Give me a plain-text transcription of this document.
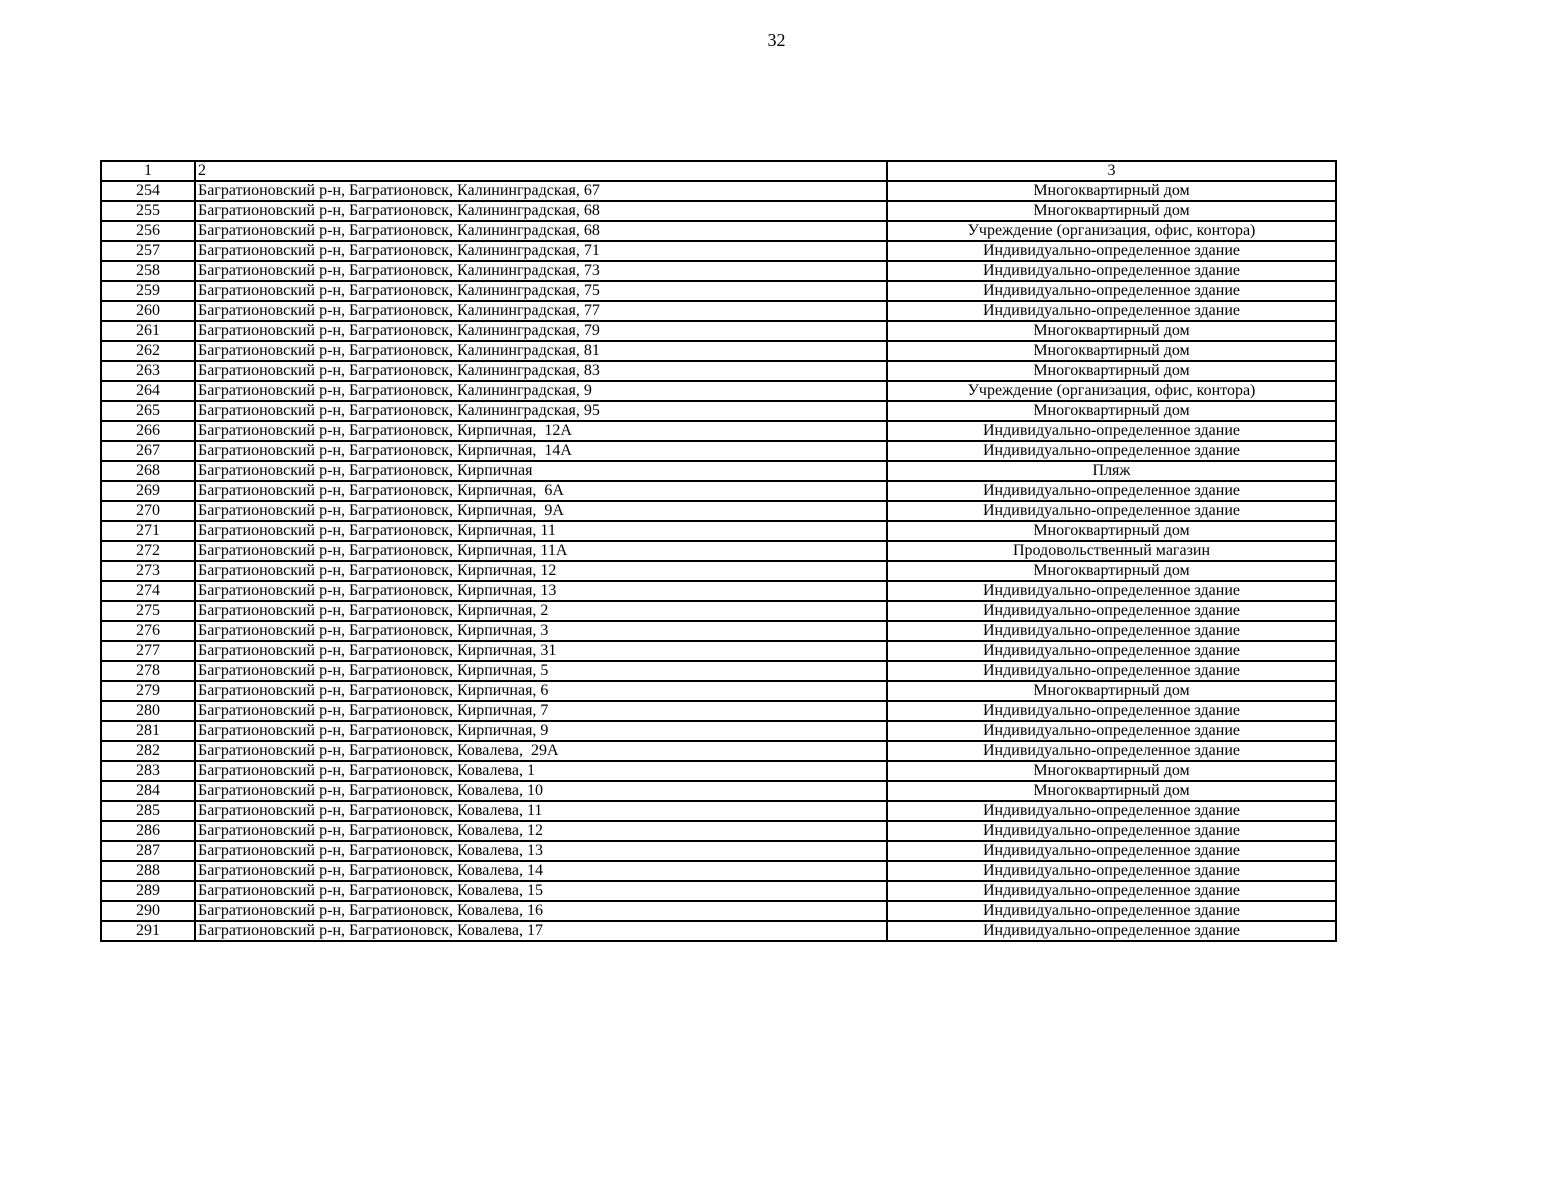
32
1	2	3
254	Багратионовский р-н, Багратионовск, Калининградская, 67	Многоквартирный дом
255	Багратионовский р-н, Багратионовск, Калининградская, 68	Многоквартирный дом
256	Багратионовский р-н, Багратионовск, Калининградская, 68	Учреждение (организация, офис, контора)
257	Багратионовский р-н, Багратионовск, Калининградская, 71	Индивидуально-определенное здание
258	Багратионовский р-н, Багратионовск, Калининградская, 73	Индивидуально-определенное здание
259	Багратионовский р-н, Багратионовск, Калининградская, 75	Индивидуально-определенное здание
260	Багратионовский р-н, Багратионовск, Калининградская, 77	Индивидуально-определенное здание
261	Багратионовский р-н, Багратионовск, Калининградская, 79	Многоквартирный дом
262	Багратионовский р-н, Багратионовск, Калининградская, 81	Многоквартирный дом
263	Багратионовский р-н, Багратионовск, Калининградская, 83	Многоквартирный дом
264	Багратионовский р-н, Багратионовск, Калининградская, 9	Учреждение (организация, офис, контора)
265	Багратионовский р-н, Багратионовск, Калининградская, 95	Многоквартирный дом
266	Багратионовский р-н, Багратионовск, Кирпичная,  12А	Индивидуально-определенное здание
267	Багратионовский р-н, Багратионовск, Кирпичная,  14А	Индивидуально-определенное здание
268	Багратионовский р-н, Багратионовск, Кирпичная	Пляж
269	Багратионовский р-н, Багратионовск, Кирпичная,  6А	Индивидуально-определенное здание
270	Багратионовский р-н, Багратионовск, Кирпичная,  9А	Индивидуально-определенное здание
271	Багратионовский р-н, Багратионовск, Кирпичная, 11	Многоквартирный дом
272	Багратионовский р-н, Багратионовск, Кирпичная, 11А	Продовольственный магазин
273	Багратионовский р-н, Багратионовск, Кирпичная, 12	Многоквартирный дом
274	Багратионовский р-н, Багратионовск, Кирпичная, 13	Индивидуально-определенное здание
275	Багратионовский р-н, Багратионовск, Кирпичная, 2	Индивидуально-определенное здание
276	Багратионовский р-н, Багратионовск, Кирпичная, 3	Индивидуально-определенное здание
277	Багратионовский р-н, Багратионовск, Кирпичная, 31	Индивидуально-определенное здание
278	Багратионовский р-н, Багратионовск, Кирпичная, 5	Индивидуально-определенное здание
279	Багратионовский р-н, Багратионовск, Кирпичная, 6	Многоквартирный дом
280	Багратионовский р-н, Багратионовск, Кирпичная, 7	Индивидуально-определенное здание
281	Багратионовский р-н, Багратионовск, Кирпичная, 9	Индивидуально-определенное здание
282	Багратионовский р-н, Багратионовск, Ковалева,  29А	Индивидуально-определенное здание
283	Багратионовский р-н, Багратионовск, Ковалева, 1	Многоквартирный дом
284	Багратионовский р-н, Багратионовск, Ковалева, 10	Многоквартирный дом
285	Багратионовский р-н, Багратионовск, Ковалева, 11	Индивидуально-определенное здание
286	Багратионовский р-н, Багратионовск, Ковалева, 12	Индивидуально-определенное здание
287	Багратионовский р-н, Багратионовск, Ковалева, 13	Индивидуально-определенное здание
288	Багратионовский р-н, Багратионовск, Ковалева, 14	Индивидуально-определенное здание
289	Багратионовский р-н, Багратионовск, Ковалева, 15	Индивидуально-определенное здание
290	Багратионовский р-н, Багратионовск, Ковалева, 16	Индивидуально-определенное здание
291	Багратионовский р-н, Багратионовск, Ковалева, 17	Индивидуально-определенное здание
